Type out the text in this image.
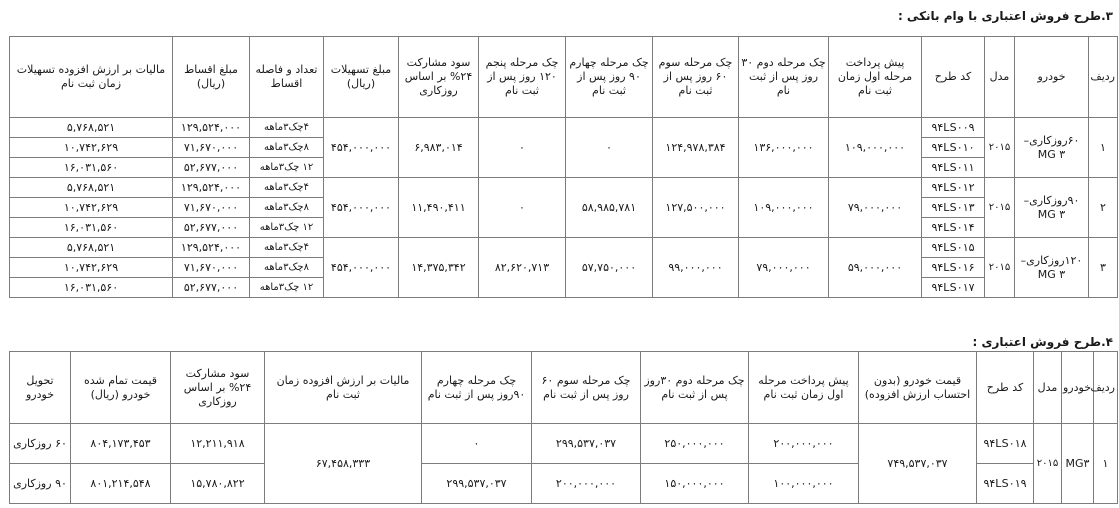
۳.طرح فروش اعتباری با وام بانکی :
ردیف	خودرو	مدل	کد طرح	پیش پرداخت مرحله اول زمان ثبت نام	چک مرحله دوم ۳۰ روز پس از ثبت نام	چک مرحله سوم ۶۰ روز پس از ثبت نام	چک مرحله چهارم ۹۰ روز پس از ثبت نام	چک مرحله پنجم ۱۲۰ روز پس از ثبت نام	سود مشارکت ۲۴% بر اساس روزکاری	مبلغ تسهیلات (ریال)	تعداد و فاصله اقساط	مبلغ اقساط (ریال)	مالیات بر ارزش افزوده تسهیلات زمان ثبت نام
۱	۶۰روزکاری– MG ۳	۲۰۱۵	۹۴LS۰۰۹	۱۰۹,۰۰۰,۰۰۰	۱۳۶,۰۰۰,۰۰۰	۱۲۴,۹۷۸,۳۸۴	۰	۰	۶,۹۸۳,۰۱۴	۴۵۴,۰۰۰,۰۰۰	۴چک۳ماهه	۱۲۹,۵۲۴,۰۰۰	۵,۷۶۸,۵۲۱
			۹۴LS۰۱۰								۸چک۳ماهه	۷۱,۶۷۰,۰۰۰	۱۰,۷۴۲,۶۲۹
			۹۴LS۰۱۱								۱۲ چک۳ماهه	۵۲,۶۷۷,۰۰۰	۱۶,۰۳۱,۵۶۰
۲	۹۰روزکاری– MG ۳	۲۰۱۵	۹۴LS۰۱۲	۷۹,۰۰۰,۰۰۰	۱۰۹,۰۰۰,۰۰۰	۱۲۷,۵۰۰,۰۰۰	۵۸,۹۸۵,۷۸۱	۰	۱۱,۴۹۰,۴۱۱	۴۵۴,۰۰۰,۰۰۰	۴چک۳ماهه	۱۲۹,۵۲۴,۰۰۰	۵,۷۶۸,۵۲۱
			۹۴LS۰۱۳								۸چک۳ماهه	۷۱,۶۷۰,۰۰۰	۱۰,۷۴۲,۶۲۹
			۹۴LS۰۱۴								۱۲ چک۳ماهه	۵۲,۶۷۷,۰۰۰	۱۶,۰۳۱,۵۶۰
۳	۱۲۰روزکاری–MG ۳	۲۰۱۵	۹۴LS۰۱۵	۵۹,۰۰۰,۰۰۰	۷۹,۰۰۰,۰۰۰	۹۹,۰۰۰,۰۰۰	۵۷,۷۵۰,۰۰۰	۸۲,۶۲۰,۷۱۳	۱۴,۳۷۵,۳۴۲	۴۵۴,۰۰۰,۰۰۰	۴چک۳ماهه	۱۲۹,۵۲۴,۰۰۰	۵,۷۶۸,۵۲۱
			۹۴LS۰۱۶								۸چک۳ماهه	۷۱,۶۷۰,۰۰۰	۱۰,۷۴۲,۶۲۹
			۹۴LS۰۱۷								۱۲ چک۳ماهه	۵۲,۶۷۷,۰۰۰	۱۶,۰۳۱,۵۶۰
۴.طرح فروش اعتباری :
ردیف	خودرو	مدل	کد طرح	قیمت خودرو (بدون احتساب ارزش افزوده)	پیش پرداخت مرحله اول زمان ثبت نام	چک مرحله دوم ۳۰روز پس از ثبت نام	چک مرحله سوم ۶۰ روز پس از ثبت نام	چک مرحله چهارم ۹۰روز پس از ثبت نام	مالیات بر ارزش افزوده زمان ثبت نام	سود مشارکت ۲۴% بر اساس روزکاری	قیمت تمام شده خودرو (ریال)	تحویل خودرو
۱	MG۳	۲۰۱۵	۹۴LS۰۱۸	۷۴۹,۵۳۷,۰۳۷	۲۰۰,۰۰۰,۰۰۰	۲۵۰,۰۰۰,۰۰۰	۲۹۹,۵۳۷,۰۳۷	۰	۶۷,۴۵۸,۳۳۳	۱۲,۲۱۱,۹۱۸	۸۰۴,۱۷۳,۴۵۳	۶۰ روزکاری
			۹۴LS۰۱۹		۱۰۰,۰۰۰,۰۰۰	۱۵۰,۰۰۰,۰۰۰	۲۰۰,۰۰۰,۰۰۰	۲۹۹,۵۳۷,۰۳۷		۱۵,۷۸۰,۸۲۲	۸۰۱,۲۱۴,۵۴۸	۹۰ روزکاری
